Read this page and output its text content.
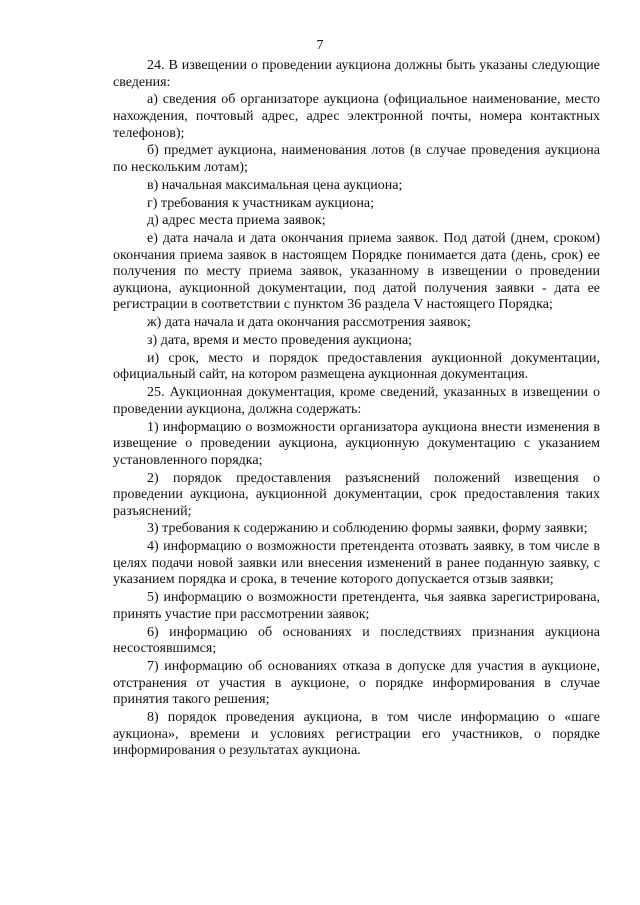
7

24. В извещении о проведении аукциона должны быть указаны следующие сведения:

а) сведения об организаторе аукциона (официальное наименование, место нахождения, почтовый адрес, адрес электронной почты, номера контактных телефонов);

б) предмет аукциона, наименования лотов (в случае проведения аукциона по нескольким лотам);

в) начальная максимальная цена аукциона;

г) требования к участникам аукциона;

д) адрес места приема заявок;

е) дата начала и дата окончания приема заявок. Под датой (днем, сроком) окончания приема заявок в настоящем Порядке понимается дата (день, срок) ее получения по месту приема заявок, указанному в извещении о проведении аукциона, аукционной документации, под датой получения заявки - дата ее регистрации в соответствии с пунктом 36 раздела V настоящего Порядка;

ж) дата начала и дата окончания рассмотрения заявок;

з) дата, время и место проведения аукциона;

и) срок, место и порядок предоставления аукционной документации, официальный сайт, на котором размещена аукционная документация.

25. Аукционная документация, кроме сведений, указанных в извещении о проведении аукциона, должна содержать:

1) информацию о возможности организатора аукциона внести изменения в извещение о проведении аукциона, аукционную документацию с указанием установленного порядка;

2) порядок предоставления разъяснений положений извещения о проведении аукциона, аукционной документации, срок предоставления таких разъяснений;

3) требования к содержанию и соблюдению формы заявки, форму заявки;

4) информацию о возможности претендента отозвать заявку, в том числе в целях подачи новой заявки или внесения изменений в ранее поданную заявку, с указанием порядка и срока, в течение которого допускается отзыв заявки;

5) информацию о возможности претендента, чья заявка зарегистрирована, принять участие при рассмотрении заявок;

6) информацию об основаниях и последствиях признания аукциона несостоявшимся;

7) информацию об основаниях отказа в допуске для участия в аукционе, отстранения от участия в аукционе, о порядке информирования в случае принятия такого решения;

8) порядок проведения аукциона, в том числе информацию о «шаге аукциона», времени и условиях регистрации его участников, о порядке информирования о результатах аукциона.
